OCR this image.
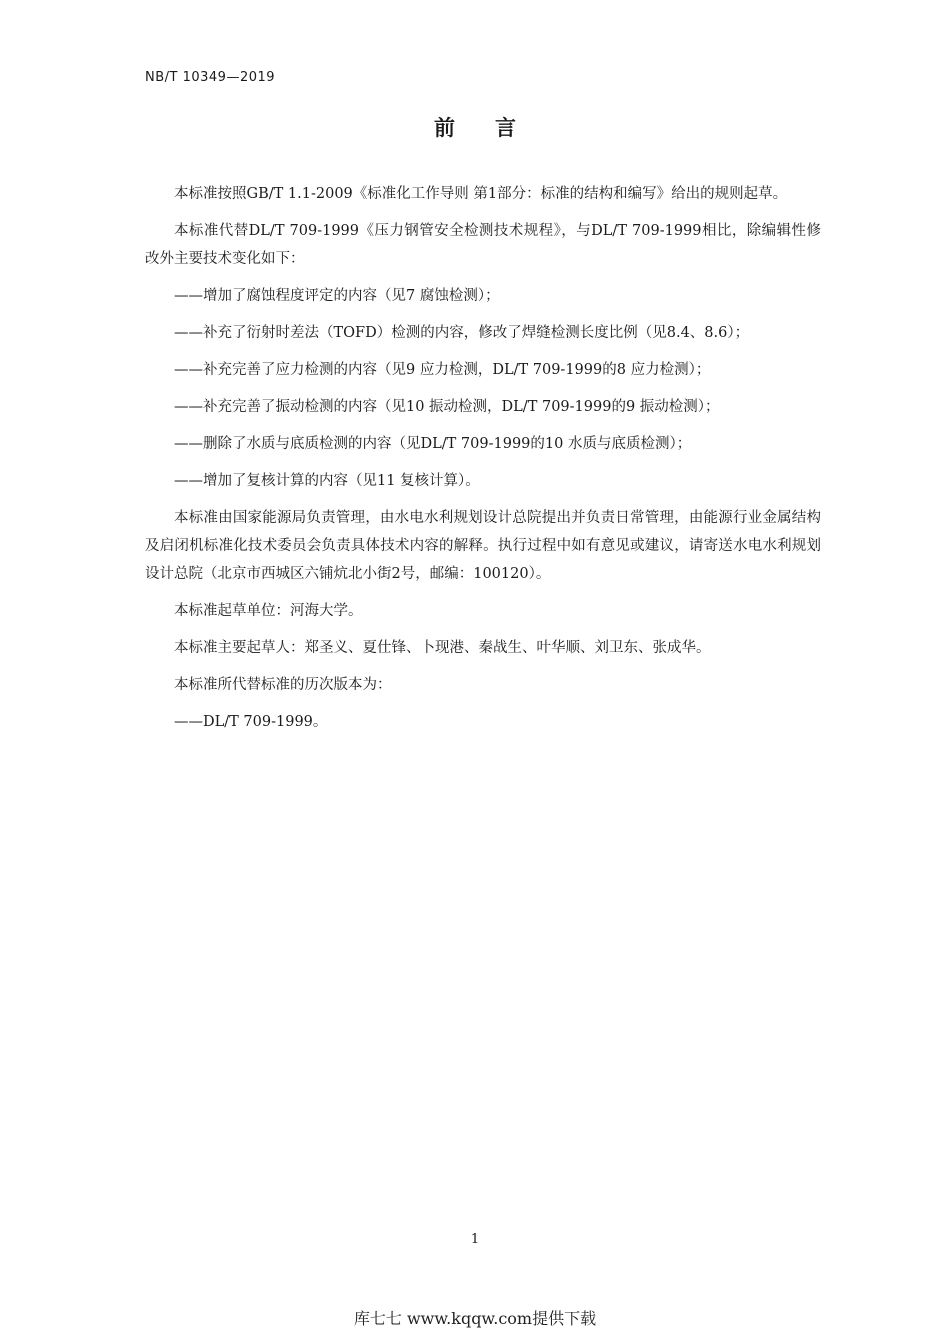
NB/T 10349—2019
前言

本标准按照GB/T 1.1-2009《标准化工作导则 第1部分：标准的结构和编写》给出的规则起草。

本标准代替DL/T 709-1999《压力钢管安全检测技术规程》，与DL/T 709-1999相比，除编辑性修改外主要技术变化如下：

——增加了腐蚀程度评定的内容（见7 腐蚀检测）；

——补充了衍射时差法（TOFD）检测的内容，修改了焊缝检测长度比例（见8.4、8.6）；

——补充完善了应力检测的内容（见9 应力检测，DL/T 709-1999的8 应力检测）；

——补充完善了振动检测的内容（见10 振动检测，DL/T 709-1999的9 振动检测）；

——删除了水质与底质检测的内容（见DL/T 709-1999的10 水质与底质检测）；

——增加了复核计算的内容（见11 复核计算）。

本标准由国家能源局负责管理，由水电水利规划设计总院提出并负责日常管理，由能源行业金属结构及启闭机标准化技术委员会负责具体技术内容的解释。执行过程中如有意见或建议，请寄送水电水利规划设计总院（北京市西城区六铺炕北小街2号，邮编：100120）。

本标准起草单位：河海大学。

本标准主要起草人：郑圣义、夏仕锋、卜现港、秦战生、叶华顺、刘卫东、张成华。

本标准所代替标准的历次版本为：

——DL/T 709-1999。

1
库七七 www.kqqw.com提供下载
